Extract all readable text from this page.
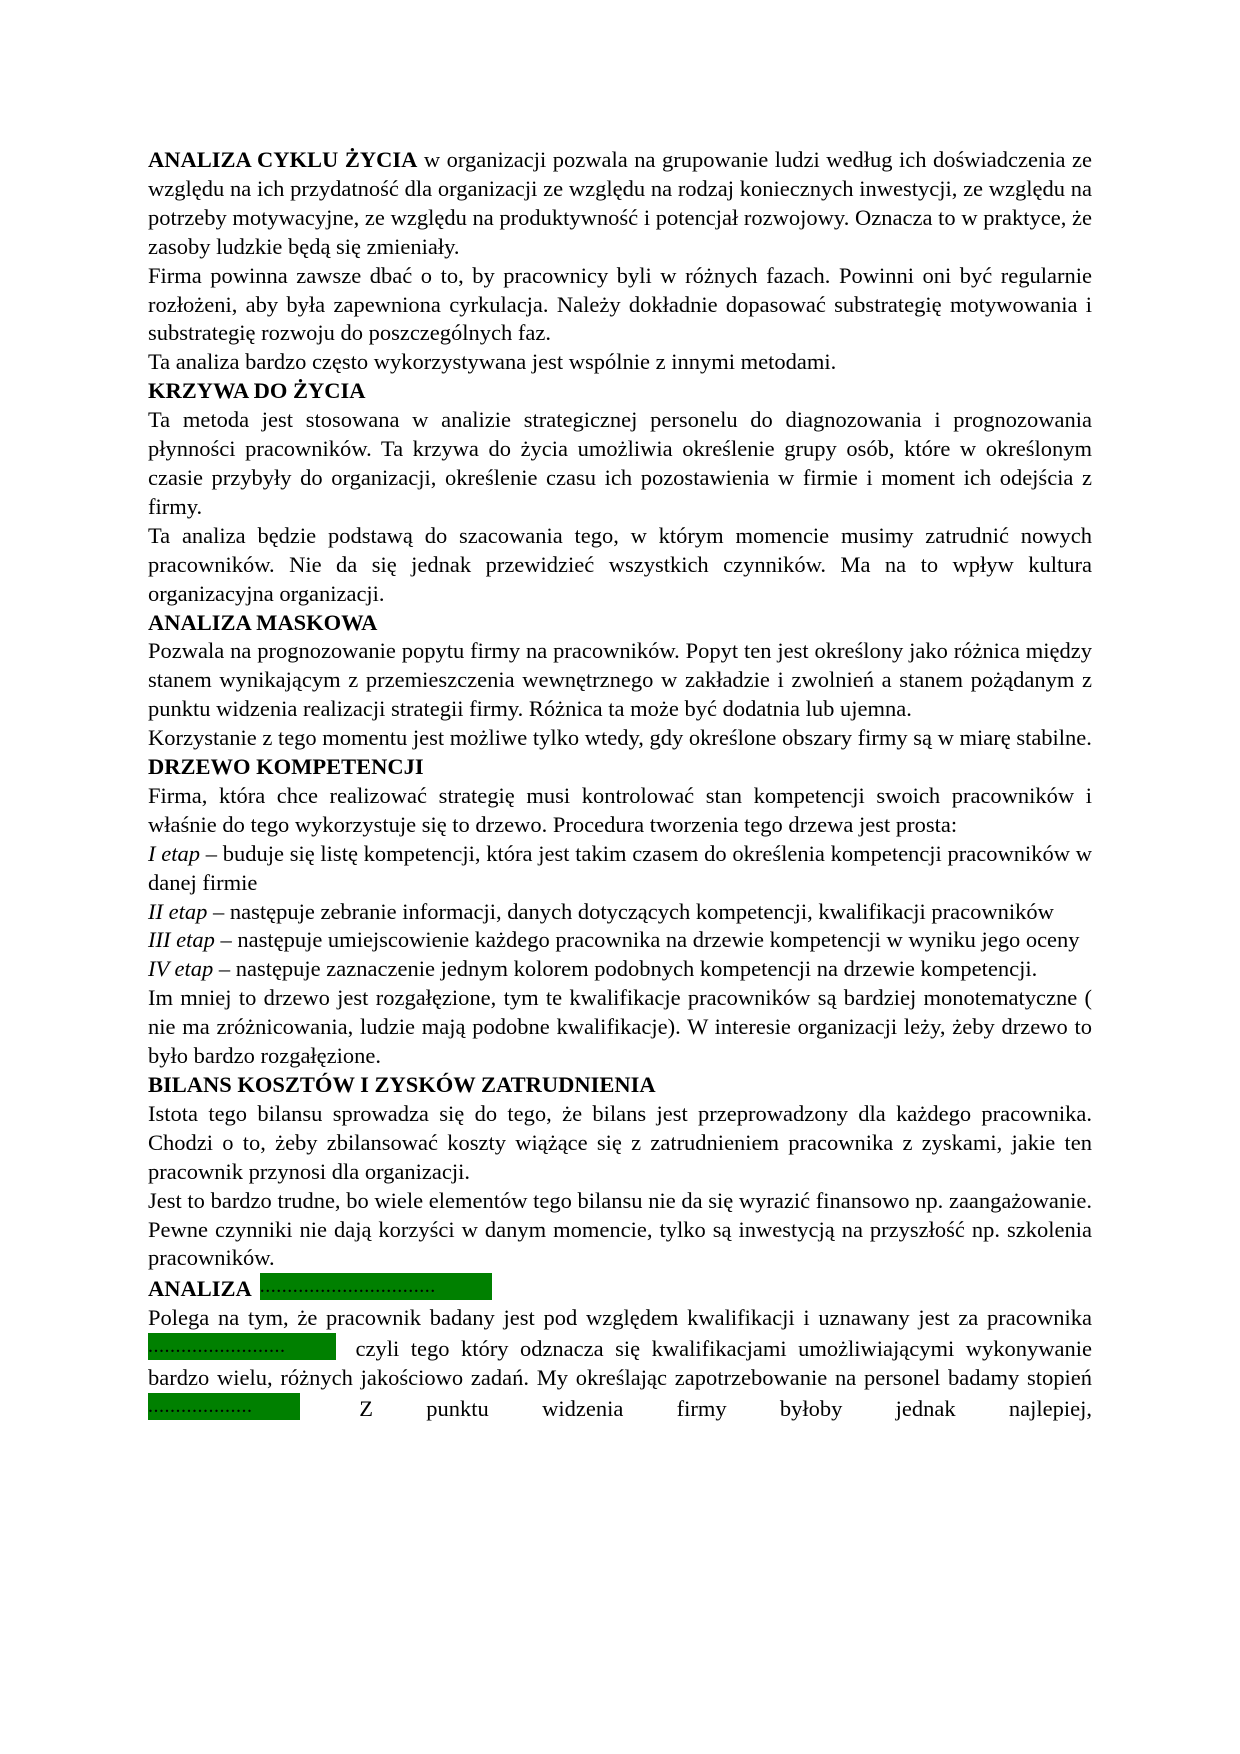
ANALIZA CYKLU ŻYCIA w organizacji pozwala na grupowanie ludzi według ich doświadczenia ze względu na ich przydatność dla organizacji ze względu na rodzaj koniecznych inwestycji, ze względu na potrzeby motywacyjne, ze względu na produktywność i potencjał rozwojowy. Oznacza to w praktyce, że zasoby ludzkie będą się zmieniały.

Firma powinna zawsze dbać o to, by pracownicy byli w różnych fazach. Powinni oni być regularnie rozłożeni, aby była zapewniona cyrkulacja. Należy dokładnie dopasować substrategię motywowania i substrategię rozwoju do poszczególnych faz.

Ta analiza bardzo często wykorzystywana jest wspólnie z innymi metodami.

KRZYWA DO ŻYCIA

Ta metoda jest stosowana w analizie strategicznej personelu do diagnozowania i prognozowania płynności pracowników. Ta krzywa do życia umożliwia określenie grupy osób, które w określonym czasie przybyły do organizacji, określenie czasu ich pozostawienia w firmie i moment ich odejścia z firmy.

Ta analiza będzie podstawą do szacowania tego, w którym momencie musimy zatrudnić nowych pracowników. Nie da się jednak przewidzieć wszystkich czynników. Ma na to wpływ kultura organizacyjna organizacji.

ANALIZA MASKOWA

Pozwala na prognozowanie popytu firmy na pracowników. Popyt ten jest określony jako różnica między stanem wynikającym z przemieszczenia wewnętrznego w zakładzie i zwolnień a stanem pożądanym z punktu widzenia realizacji strategii firmy. Różnica ta może być dodatnia lub ujemna.

Korzystanie z tego momentu jest możliwe tylko wtedy, gdy określone obszary firmy są w miarę stabilne.

DRZEWO KOMPETENCJI

Firma, która chce realizować strategię musi kontrolować stan kompetencji swoich pracowników i właśnie do tego wykorzystuje się to drzewo. Procedura tworzenia tego drzewa jest prosta:

I etap – buduje się listę kompetencji, która jest takim czasem do określenia kompetencji pracowników w danej firmie

II etap – następuje zebranie informacji, danych dotyczących kompetencji, kwalifikacji pracowników

III etap – następuje umiejscowienie każdego pracownika na drzewie kompetencji w wyniku jego oceny

IV etap – następuje zaznaczenie jednym kolorem podobnych kompetencji na drzewie kompetencji.

Im mniej to drzewo jest rozgałęzione, tym te kwalifikacje pracowników są bardziej monotematyczne ( nie ma zróżnicowania, ludzie mają podobne kwalifikacje). W interesie organizacji leży, żeby drzewo to było bardzo rozgałęzione.

BILANS KOSZTÓW I ZYSKÓW ZATRUDNIENIA

Istota tego bilansu sprowadza się do tego, że bilans jest przeprowadzony dla każdego pracownika. Chodzi o to, żeby zbilansować koszty wiążące się z zatrudnieniem pracownika z zyskami, jakie ten pracownik przynosi dla organizacji.

Jest to bardzo trudne, bo wiele elementów tego bilansu nie da się wyrazić finansowo np. zaangażowanie. Pewne czynniki nie dają korzyści w danym momencie, tylko są inwestycją na przyszłość np. szkolenia pracowników.

ANALIZA ................................

Polega na tym, że pracownik badany jest pod względem kwalifikacji i uznawany jest za pracownika.........................	czyli tego który odznacza się kwalifikacjami umożliwiającymi wykonywanie bardzo wielu, różnych jakościowo zadań. My określając zapotrzebowanie na personel badamy stopień................... Z punktu widzenia firmy byłoby jednak najlepiej,
